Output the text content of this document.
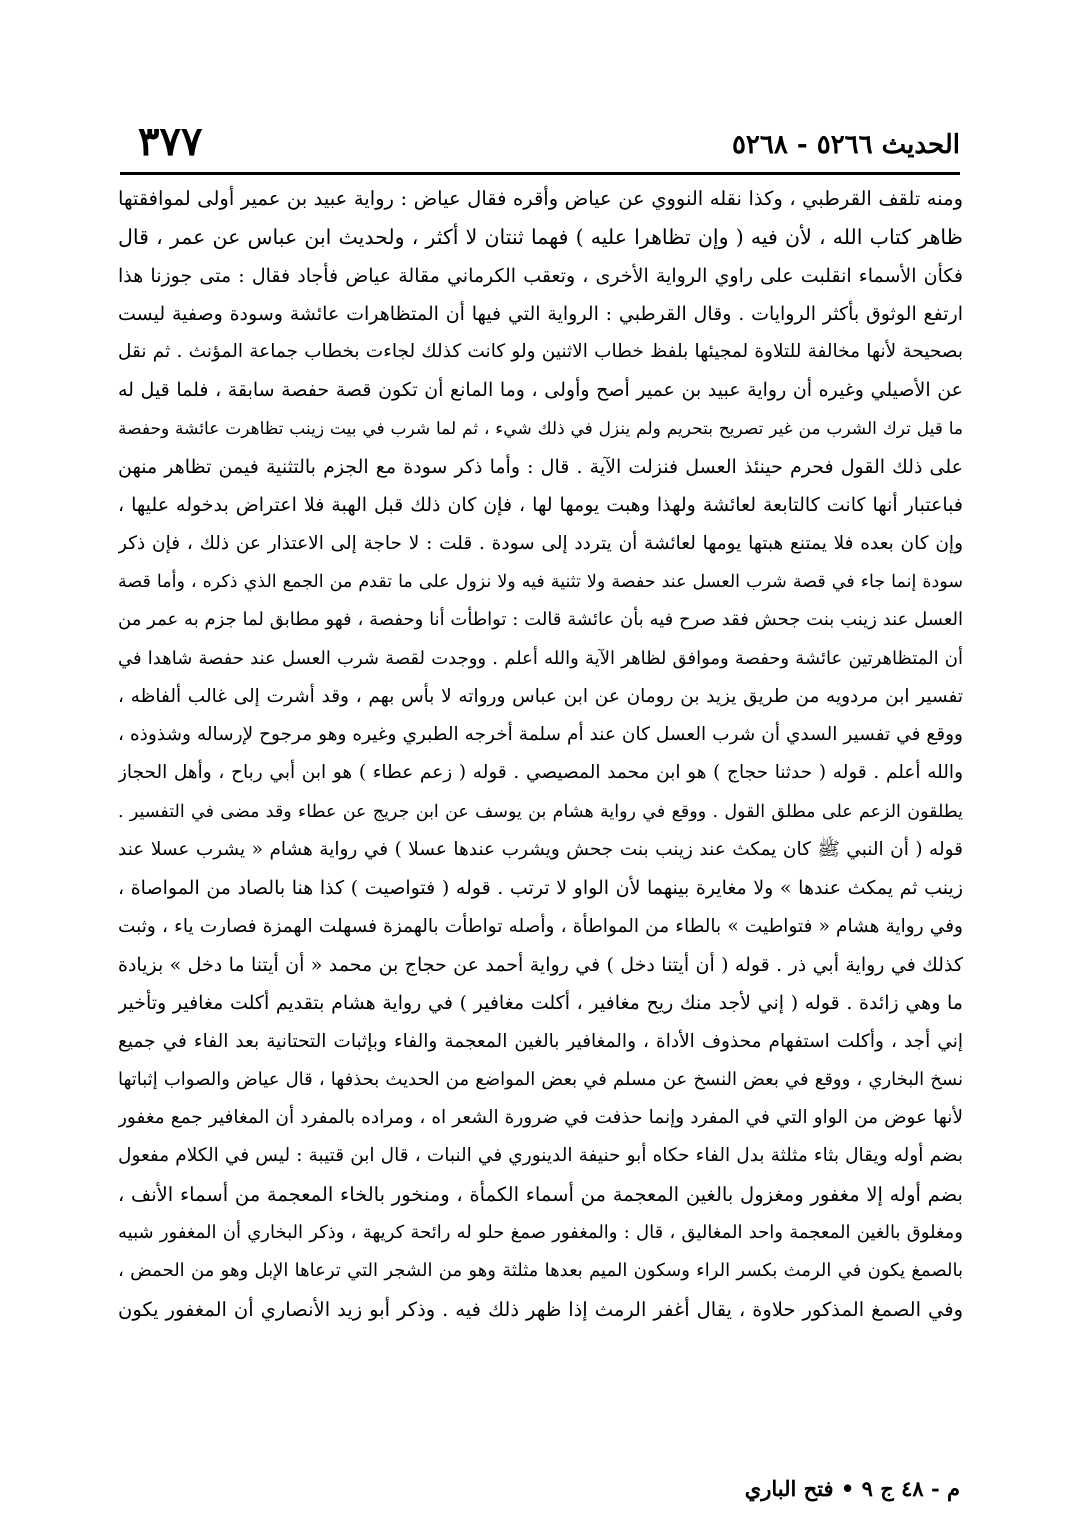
الحديث ٥٢٦٦ - ٥٢٦٨
٣٧٧
ومنه تلقف القرطبي ، وكذا نقله النووي عن عياض وأقره فقال عياض : رواية عبيد بن عمير أولى لموافقتها
ظاهر كتاب الله ، لأن فيه ( وإن تظاهرا عليه ) فهما ثنتان لا أكثر ، ولحديث ابن عباس عن عمر ، قال
فكأن الأسماء انقلبت على راوي الرواية الأخرى ، وتعقب الكرماني مقالة عياض فأجاد فقال : متى جوزنا هذا
ارتفع الوثوق بأكثر الروايات . وقال القرطبي : الرواية التي فيها أن المتظاهرات عائشة وسودة وصفية ليست
بصحيحة لأنها مخالفة للتلاوة لمجيئها بلفظ خطاب الاثنين ولو كانت كذلك لجاءت بخطاب جماعة المؤنث . ثم نقل
عن الأصيلي وغيره أن رواية عبيد بن عمير أصح وأولى ، وما المانع أن تكون قصة حفصة سابقة ، فلما قيل له
ما قيل ترك الشرب من غير تصريح بتحريم ولم ينزل في ذلك شيء ، ثم لما شرب في بيت زينب تظاهرت عائشة وحفصة
على ذلك القول فحرم حينئذ العسل فنزلت الآية . قال : وأما ذكر سودة مع الجزم بالتثنية فيمن تظاهر منهن
فباعتبار أنها كانت كالتابعة لعائشة ولهذا وهبت يومها لها ، فإن كان ذلك قبل الهبة فلا اعتراض بدخوله عليها ،
وإن كان بعده فلا يمتنع هبتها يومها لعائشة أن يتردد إلى سودة . قلت : لا حاجة إلى الاعتذار عن ذلك ، فإن ذكر
سودة إنما جاء في قصة شرب العسل عند حفصة ولا تثنية فيه ولا نزول على ما تقدم من الجمع الذي ذكره ، وأما قصة
العسل عند زينب بنت جحش فقد صرح فيه بأن عائشة قالت : تواطأت أنا وحفصة ، فهو مطابق لما جزم به عمر من
أن المتظاهرتين عائشة وحفصة وموافق لظاهر الآية والله أعلم . ووجدت لقصة شرب العسل عند حفصة شاهدا في
تفسير ابن مردويه من طريق يزيد بن رومان عن ابن عباس ورواته لا بأس بهم ، وقد أشرت إلى غالب ألفاظه ،
ووقع في تفسير السدي أن شرب العسل كان عند أم سلمة أخرجه الطبري وغيره وهو مرجوح لإرساله وشذوذه ،
والله أعلم . قوله ( حدثنا حجاج ) هو ابن محمد المصيصي . قوله ( زعم عطاء ) هو ابن أبي رباح ، وأهل الحجاز
يطلقون الزعم على مطلق القول . ووقع في رواية هشام بن يوسف عن ابن جريج عن عطاء وقد مضى في التفسير .
قوله ( أن النبي ﷺ كان يمكث عند زينب بنت جحش ويشرب عندها عسلا ) في رواية هشام « يشرب عسلا عند
زينب ثم يمكث عندها » ولا مغايرة بينهما لأن الواو لا ترتب . قوله ( فتواصيت ) كذا هنا بالصاد من المواصاة ،
وفي رواية هشام « فتواطيت » بالطاء من المواطأة ، وأصله تواطأت بالهمزة فسهلت الهمزة فصارت ياء ، وثبت
كذلك في رواية أبي ذر . قوله ( أن أيتنا دخل ) في رواية أحمد عن حجاج بن محمد « أن أيتنا ما دخل » بزيادة
ما وهي زائدة . قوله ( إني لأجد منك ريح مغافير ، أكلت مغافير ) في رواية هشام بتقديم أكلت مغافير وتأخير
إني أجد ، وأكلت استفهام محذوف الأداة ، والمغافير بالغين المعجمة والفاء وبإثبات التحتانية بعد الفاء في جميع
نسخ البخاري ، ووقع في بعض النسخ عن مسلم في بعض المواضع من الحديث بحذفها ، قال عياض والصواب إثباتها
لأنها عوض من الواو التي في المفرد وإنما حذفت في ضرورة الشعر اه ، ومراده بالمفرد أن المغافير جمع مغفور
بضم أوله ويقال بثاء مثلثة بدل الفاء حكاه أبو حنيفة الدينوري في النبات ، قال ابن قتيبة : ليس في الكلام مفعول
بضم أوله إلا مغفور ومغزول بالغين المعجمة من أسماء الكمأة ، ومنخور بالخاء المعجمة من أسماء الأنف ،
ومغلوق بالغين المعجمة واحد المغاليق ، قال : والمغفور صمغ حلو له رائحة كريهة ، وذكر البخاري أن المغفور شبيه
بالصمغ يكون في الرمث بكسر الراء وسكون الميم بعدها مثلثة وهو من الشجر التي ترعاها الإبل وهو من الحمض ،
وفي الصمغ المذكور حلاوة ، يقال أغفر الرمث إذا ظهر ذلك فيه . وذكر أبو زيد الأنصاري أن المغفور يكون
م - ٤٨ ج ٩ • فتح الباري
